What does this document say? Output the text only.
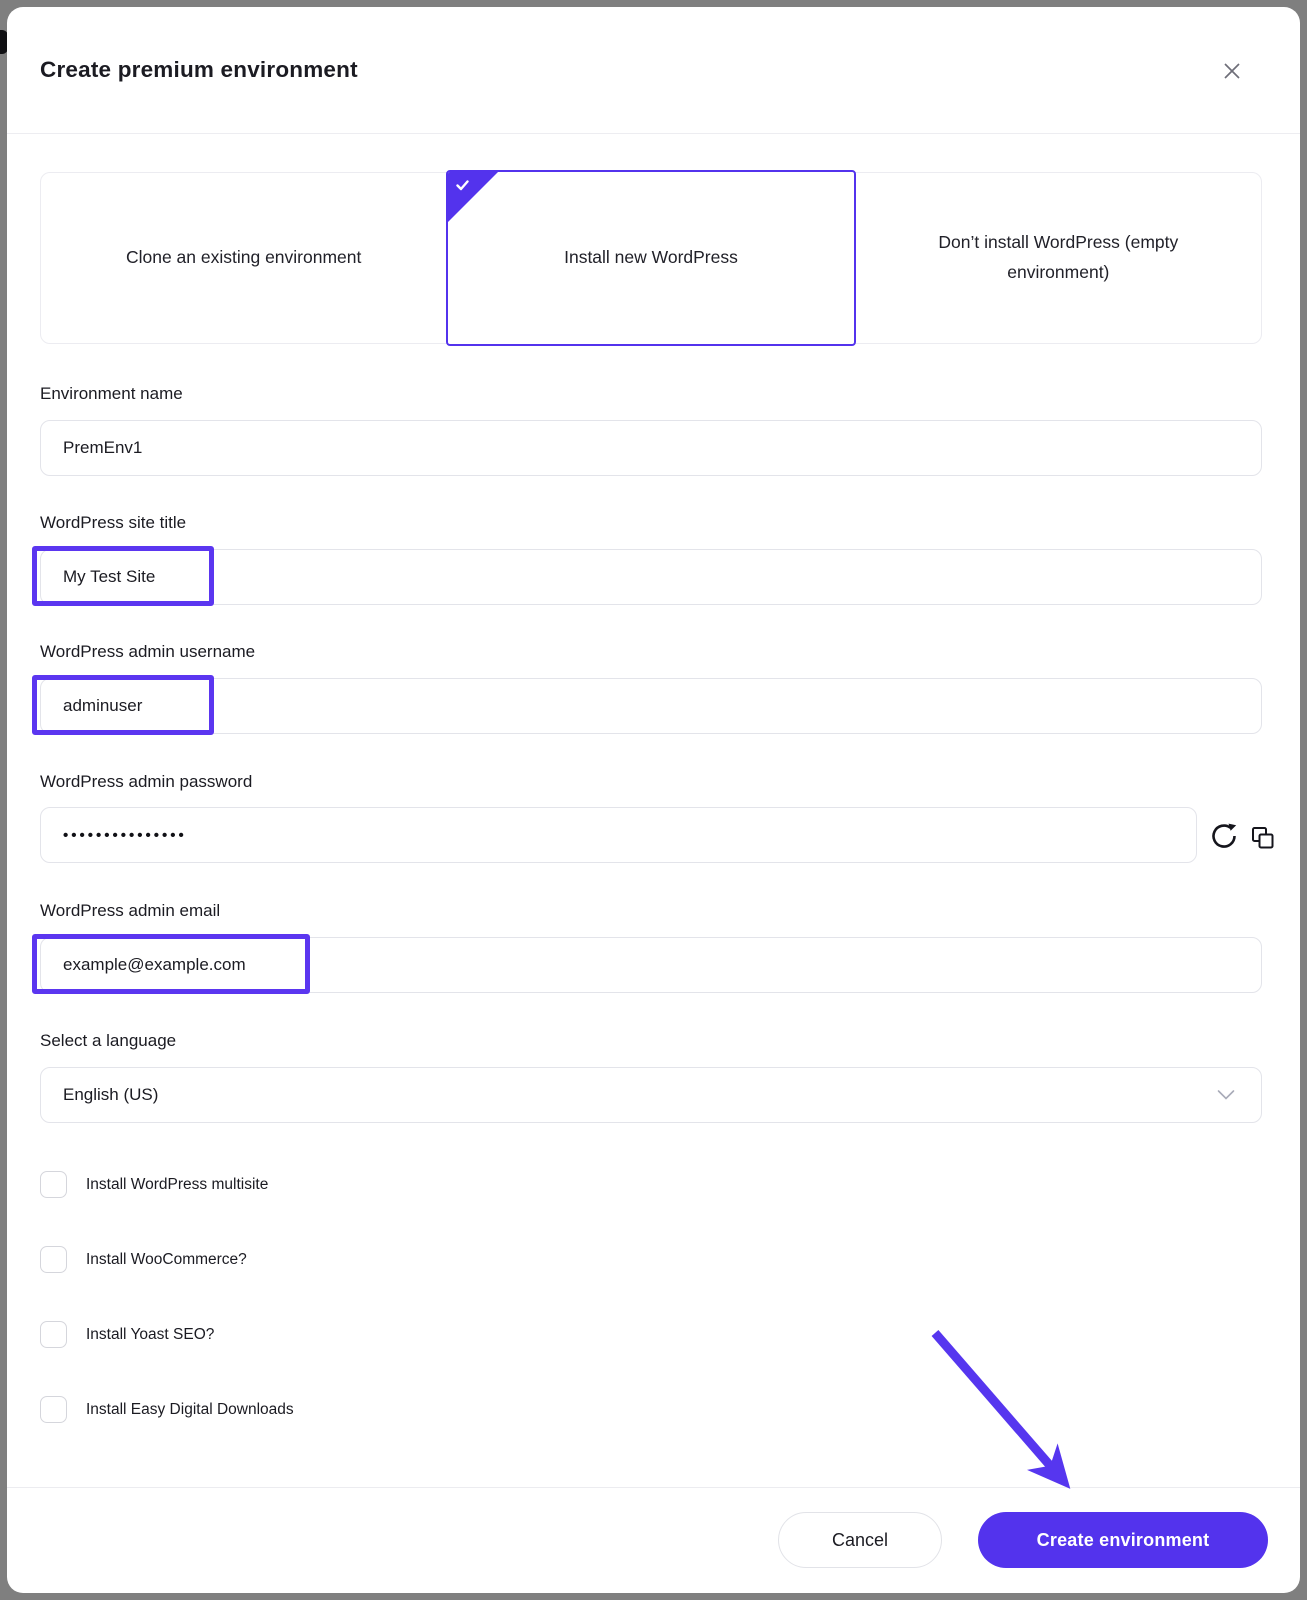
Create premium environment
Clone an existing environment	Install new WordPress
Don’t install WordPress (empty environment)
Environment name
PremEnv1
WordPress site title
My Test Site
WordPress admin username
adminuser
WordPress admin password
•••••••••••••••
WordPress admin email
example@example.com
Select a language
English (US)
Install WordPress multisite
Install WooCommerce?
Install Yoast SEO?
Install Easy Digital Downloads
Cancel	Create environment
